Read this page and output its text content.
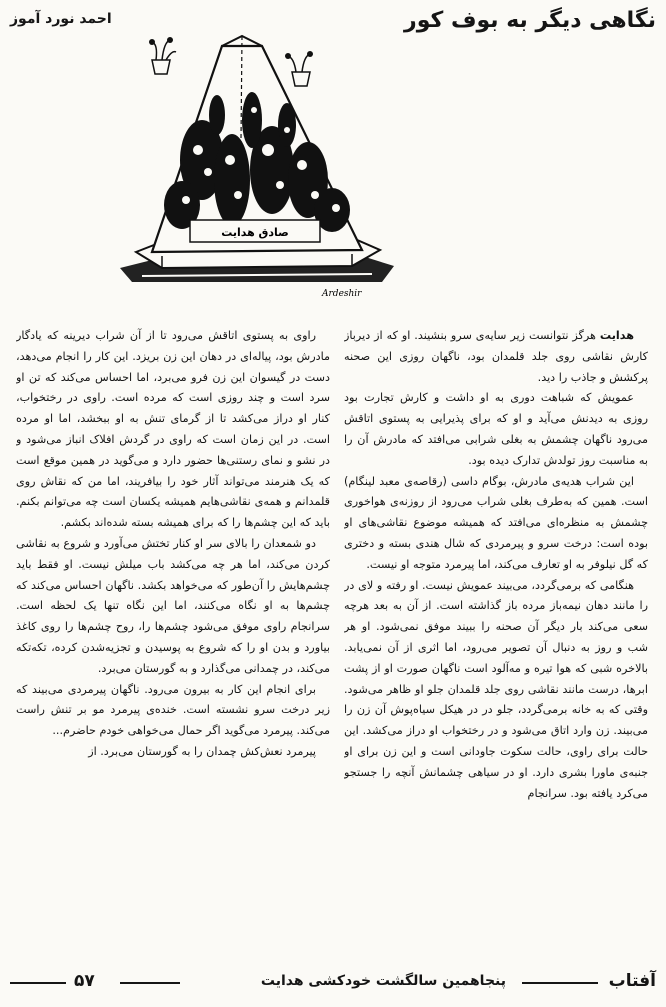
نگاهی دیگر به بوف کور
احمد نورد آموز
صادق هدایت
Ardeshir

هدایت هرگز نتوانست زیر سایه‌ی سرو بنشیند. او که از دیرباز کارش نقاشی روی جلد قلمدان بود، ناگهان روزی این صحنه پرکشش و جاذب را دید.

عمویش که شباهت دوری به او داشت و کارش تجارت بود روزی به دیدنش می‌آید و او که برای پذیرایی به پستوی اتاقش می‌رود ناگهان چشمش به بغلی شرابی می‌افتد که مادرش آن را به مناسبت روز تولدش تدارک دیده بود.

این شراب هدیه‌ی مادرش، بوگام داسی (رقاصه‌ی معبد لینگام) است. همین که به‌طرف بغلی شراب می‌رود از روزنه‌ی هواخوری چشمش به منظره‌ای می‌افتد که همیشه موضوع نقاشی‌های او بوده است: درخت سرو و پیرمردی که شال هندی بسته و دختری که گل نیلوفر به او تعارف می‌کند، اما پیرمرد متوجه او نیست.

هنگامی که برمی‌گردد، می‌بیند عمویش نیست. او رفته و لای در را مانند دهان نیمه‌باز مرده باز گذاشته است. از آن به بعد هرچه سعی می‌کند بار دیگر آن صحنه را ببیند موفق نمی‌شود. او هر شب و روز به دنبال آن تصویر می‌رود، اما اثری از آن نمی‌یابد. بالاخره شبی که هوا تیره و مه‌آلود است ناگهان صورت او از پشت ابرها، درست مانند نقاشی روی جلد قلمدان جلو او ظاهر می‌شود. وقتی که به خانه برمی‌گردد، جلو در در هیکل سیاه‌پوش آن زن را می‌بیند. زن وارد اتاق می‌شود و در رختخواب او دراز می‌کشد. این حالت برای راوی، حالت سکوت جاودانی است و این زن برای او جنبه‌ی ماورا بشری دارد. او در سیاهی چشمانش آنچه را جستجو می‌کرد یافته بود. سرانجام

راوی به پستوی اتاقش می‌رود تا از آن شراب دیرینه که یادگار مادرش بود، پیاله‌ای در دهان این زن بریزد. این کار را انجام می‌دهد، دست در گیسوان این زن فرو می‌برد، اما احساس می‌کند که تن او سرد است و چند روزی است که مرده است. راوی در رختخواب، کنار او دراز می‌کشد تا از گرمای تنش به او ببخشد، اما او مرده است. در این زمان است که راوی در گردش افلاک انباز می‌شود و در نشو و نمای رستنی‌ها حضور دارد و می‌گوید در همین موقع است که یک هنرمند می‌تواند آثار خود را بیافریند، اما من که نقاش روی قلمدانم و همه‌ی نقاشی‌هایم همیشه یکسان است چه می‌توانم بکنم. باید که این چشم‌ها را که برای همیشه بسته شده‌اند بکشم.

دو شمعدان را بالای سر او کنار تختش می‌آورد و شروع به نقاشی کردن می‌کند، اما هر چه می‌کشد باب میلش نیست. او فقط باید چشم‌هایش را آن‌طور که می‌خواهد بکشد. ناگهان احساس می‌کند که چشم‌ها به او نگاه می‌کنند، اما این نگاه تنها یک لحظه است. سرانجام راوی موفق می‌شود چشم‌ها را، روح چشم‌ها را روی کاغذ بیاورد و بدن او را که شروع به پوسیدن و تجزیه‌شدن کرده، تکه‌تکه می‌کند، در چمدانی می‌گذارد و به گورستان می‌برد.

برای انجام این کار به بیرون می‌رود. ناگهان پیرمردی می‌بیند که زیر درخت سرو نشسته است. خنده‌ی پیرمرد مو بر تنش راست می‌کند. پیرمرد می‌گوید اگر حمال می‌خواهی خودم حاضرم...

پیرمرد نعش‌کش چمدان را به گورستان می‌برد. از

آفتاب
پنجاهمین سالگشت خودکشی هدایت
۵۷
